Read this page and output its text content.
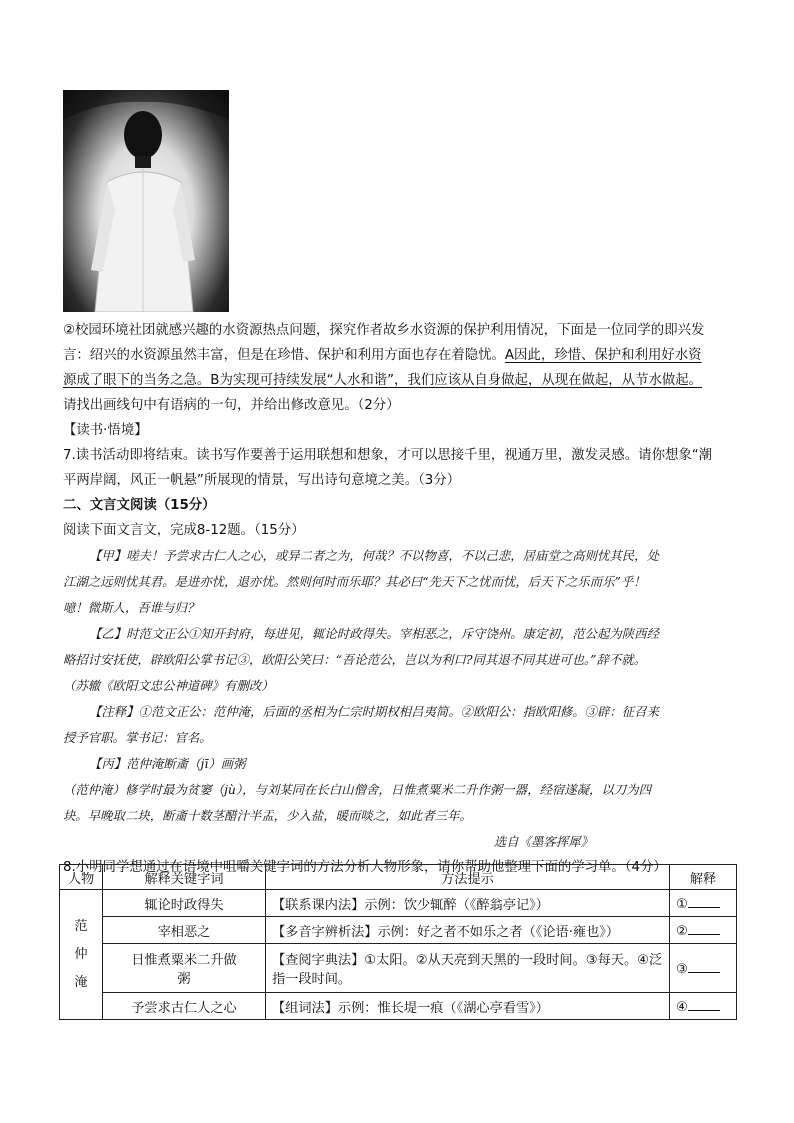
②校园环境社团就感兴趣的水资源热点问题，探究作者故乡水资源的保护利用情况，下面是一位同学的即兴发
言：绍兴的水资源虽然丰富，但是在珍惜、保护和利用方面也存在着隐忧。A因此，珍惜、保护和利用好水资
源成了眼下的当务之急。B为实现可持续发展“人水和谐”，我们应该从自身做起，从现在做起，从节水做起。
请找出画线句中有语病的一句，并给出修改意见。（2分）
【读书·悟境】
7.读书活动即将结束。读书写作要善于运用联想和想象，才可以思接千里，视通万里，激发灵感。请你想象“潮
平两岸阔，风正一帆悬”所展现的情景，写出诗句意境之美。（3分）
二、文言文阅读（15分）
阅读下面文言文，完成8-12题。（15分）
【甲】嗟夫！予尝求古仁人之心，或异二者之为，何哉？不以物喜，不以己悲，居庙堂之高则忧其民，处
江湖之远则忧其君。是进亦忧，退亦忧。然则何时而乐耶？其必曰“先天下之忧而忧，后天下之乐而乐”乎！
噫！微斯人，吾谁与归？
【乙】时范文正公①知开封府，每进见，辄论时政得失。宰相恶之，斥守饶州。康定初，范公起为陕西经
略招讨安抚使，辟欧阳公掌书记③，欧阳公笑曰：“吾论范公，岂以为利口?同其退不同其进可也。”辞不就。
（苏辙《欧阳文忠公神道碑》有删改）
【注释】①范文正公：范仲淹，后面的丞相为仁宗时期权相吕夷简。②欧阳公：指欧阳修。③辟：征召来
授予官职。掌书记：官名。
【丙】范仲淹断齑（jī）画粥
（范仲淹）修学时最为贫窭（jù），与刘某同在长白山僧舍，日惟煮粟米二升作粥一器，经宿遂凝，以刀为四
块。早晚取二块，断齑十数茎醋汁半盂，少入盐，暖而啖之，如此者三年。
选自《墨客挥犀》
8.小明同学想通过在语境中咀嚼关键字词的方法分析人物形象，请你帮助他整理下面的学习单。（4分）
人物	解释关键字词	方法提示	解释

范
仲
淹	辄论时政得失	【联系课内法】示例：饮少辄醉（《醉翁亭记》）	①
	宰相恶之	【多音字辨析法】示例：好之者不如乐之者（《论语·雍也》）	②

	日惟煮粟米二升做
粥	【查阅字典法】①太阳。②从天亮到天黑的一段时间。③每天。④泛
指一段时间。	③
	予尝求古仁人之心	【组词法】示例：惟长堤一痕（《湖心亭看雪》）	④
